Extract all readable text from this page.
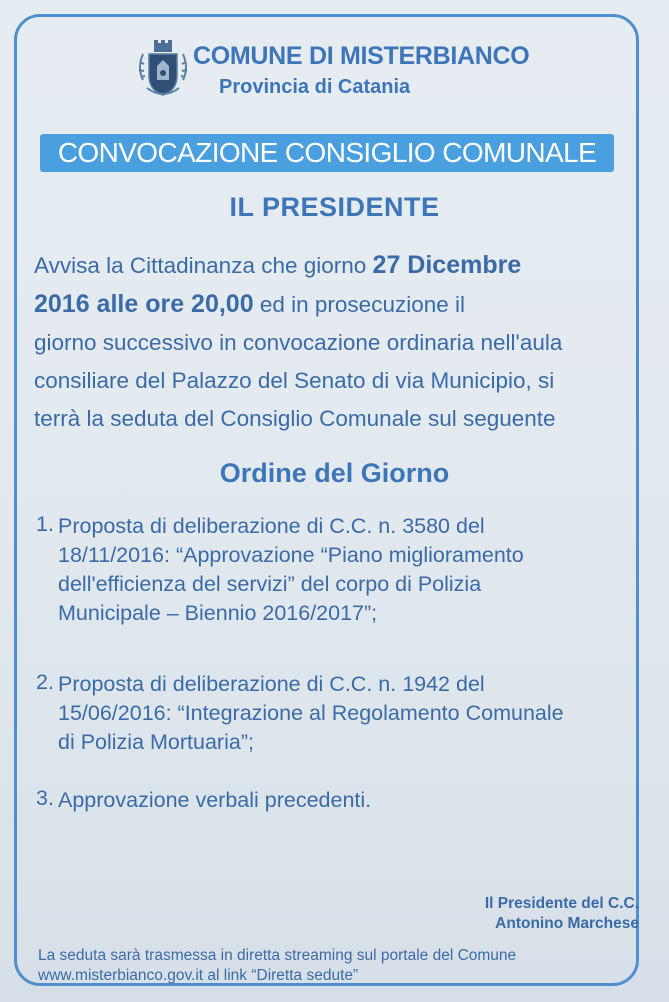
COMUNE DI MISTERBIANCO
Provincia di Catania
CONVOCAZIONE CONSIGLIO COMUNALE
IL PRESIDENTE
Avvisa la Cittadinanza che giorno 27 Dicembre
2016 alle ore 20,00 ed in prosecuzione il
giorno successivo in convocazione ordinaria nell'aula
consiliare del Palazzo del Senato di via Municipio, si
terrà la seduta del Consiglio Comunale sul seguente
Ordine del Giorno
1. Proposta di deliberazione di C.C. n. 3580 del
18/11/2016: “Approvazione “Piano miglioramento
dell'efficienza del servizi” del corpo di Polizia
Municipale – Biennio 2016/2017”;
2. Proposta di deliberazione di C.C. n. 1942 del
15/06/2016: “Integrazione al Regolamento Comunale
di Polizia Mortuaria”;
3. Approvazione verbali precedenti.
Il Presidente del C.C.
Antonino Marchese
La seduta sarà trasmessa in diretta streaming sul portale del Comune
www.misterbianco.gov.it al link “Diretta sedute”
